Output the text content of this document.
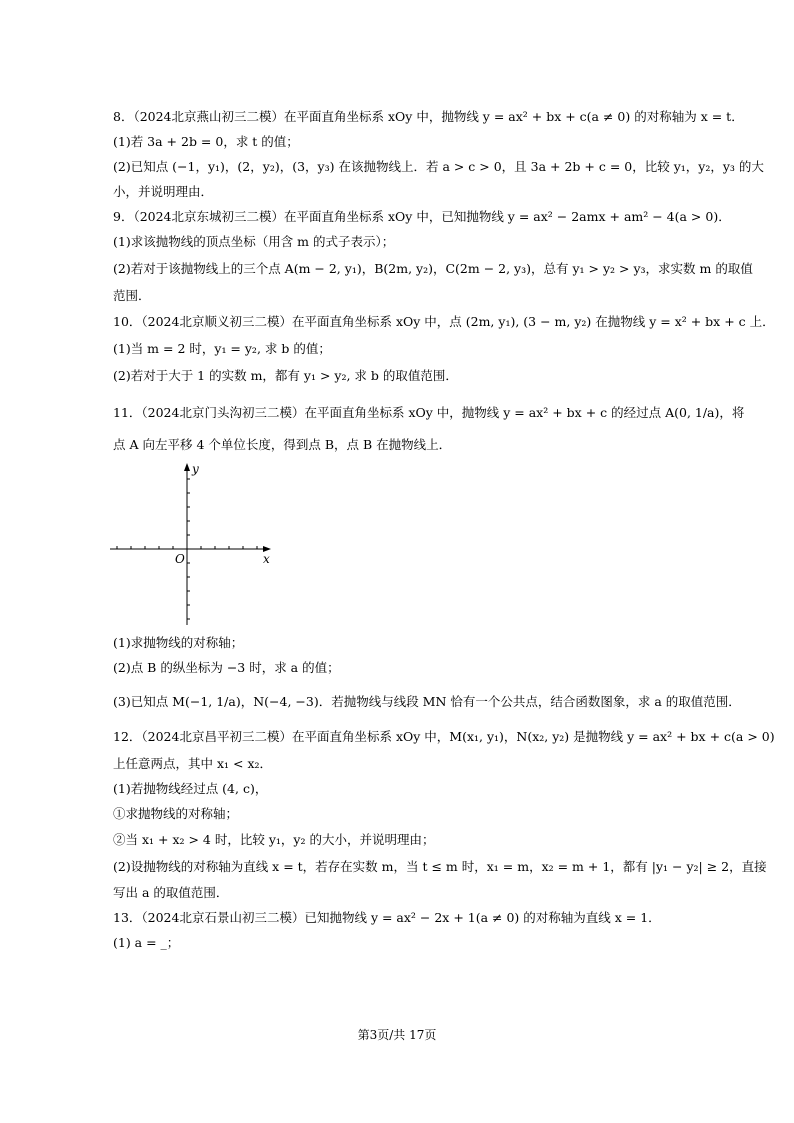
8．（2024北京燕山初三二模）在平面直角坐标系 xOy 中，抛物线 y = ax² + bx + c(a ≠ 0) 的对称轴为 x = t．
(1)若 3a + 2b = 0，求 t 的值；
(2)已知点 (−1，y₁)，(2，y₂)，(3，y₃) 在该抛物线上．若 a > c > 0，且 3a + 2b + c = 0，比较 y₁，y₂，y₃ 的大
小，并说明理由．
9．（2024北京东城初三二模）在平面直角坐标系 xOy 中，已知抛物线 y = ax² − 2amx + am² − 4(a > 0)．
(1)求该抛物线的顶点坐标（用含 m 的式子表示）；
(2)若对于该抛物线上的三个点 A(m − 2, y₁)，B(2m, y₂)，C(2m − 2, y₃)，总有 y₁ > y₂ > y₃，求实数 m 的取值
范围．
10．（2024北京顺义初三二模）在平面直角坐标系 xOy 中，点 (2m, y₁), (3 − m, y₂) 在抛物线 y = x² + bx + c 上．
(1)当 m = 2 时，y₁ = y₂, 求 b 的值；
(2)若对于大于 1 的实数 m，都有 y₁ > y₂, 求 b 的取值范围．
11．（2024北京门头沟初三二模）在平面直角坐标系 xOy 中，抛物线 y = ax² + bx + c 的经过点 A(0, 1/a)，将
点 A 向左平移 4 个单位长度，得到点 B，点 B 在抛物线上．
x
y
O
(1)求抛物线的对称轴；
(2)点 B 的纵坐标为 −3 时，求 a 的值；
(3)已知点 M(−1, 1/a)，N(−4, −3)．若抛物线与线段 MN 恰有一个公共点，结合函数图象，求 a 的取值范围．
12．（2024北京昌平初三二模）在平面直角坐标系 xOy 中，M(x₁, y₁)，N(x₂, y₂) 是抛物线 y = ax² + bx + c(a > 0)
上任意两点，其中 x₁ < x₂．
(1)若抛物线经过点 (4, c)，
①求抛物线的对称轴；
②当 x₁ + x₂ > 4 时，比较 y₁，y₂ 的大小，并说明理由；
(2)设抛物线的对称轴为直线 x = t，若存在实数 m，当 t ≤ m 时，x₁ = m，x₂ = m + 1，都有 |y₁ − y₂| ≥ 2，直接
写出 a 的取值范围．
13．（2024北京石景山初三二模）已知抛物线 y = ax² − 2x + 1(a ≠ 0) 的对称轴为直线 x = 1．
(1) a = _；
第3页/共 17页
